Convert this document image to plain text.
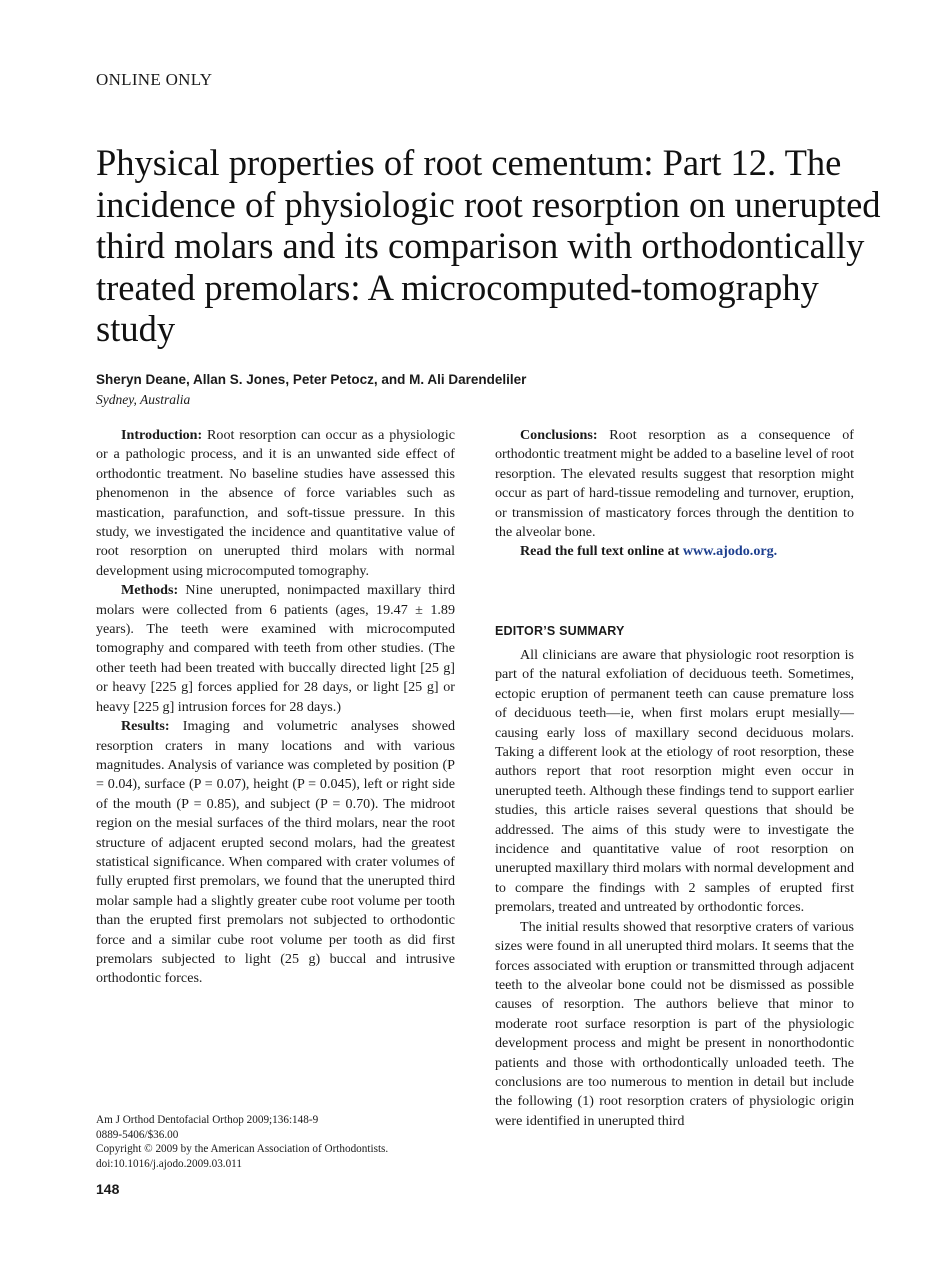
ONLINE ONLY
Physical properties of root cementum: Part 12. The incidence of physiologic root resorption on unerupted third molars and its comparison with orthodontically treated premolars: A microcomputed-tomography study
Sheryn Deane, Allan S. Jones, Peter Petocz, and M. Ali Darendeliler
Sydney, Australia

Introduction: Root resorption can occur as a physiologic or a pathologic process, and it is an unwanted side effect of orthodontic treatment. No baseline studies have assessed this phenomenon in the absence of force variables such as mastication, parafunction, and soft-tissue pressure. In this study, we investigated the incidence and quantitative value of root resorption on unerupted third molars with normal development using microcomputed tomography.

Methods: Nine unerupted, nonimpacted maxillary third molars were collected from 6 patients (ages, 19.47 ± 1.89 years). The teeth were examined with microcomputed tomography and compared with teeth from other studies. (The other teeth had been treated with buccally directed light [25 g] or heavy [225 g] forces applied for 28 days, or light [25 g] or heavy [225 g] intrusion forces for 28 days.)

Results: Imaging and volumetric analyses showed resorption craters in many locations and with various magnitudes. Analysis of variance was completed by position (P = 0.04), surface (P = 0.07), height (P = 0.045), left or right side of the mouth (P = 0.85), and subject (P = 0.70). The midroot region on the mesial surfaces of the third molars, near the root structure of adjacent erupted second molars, had the greatest statistical significance. When compared with crater volumes of fully erupted first premolars, we found that the unerupted third molar sample had a slightly greater cube root volume per tooth than the erupted first premolars not subjected to orthodontic force and a similar cube root volume per tooth as did first premolars subjected to light (25 g) buccal and intrusive orthodontic forces.

Conclusions: Root resorption as a consequence of orthodontic treatment might be added to a baseline level of root resorption. The elevated results suggest that resorption might occur as part of hard-tissue remodeling and turnover, eruption, or transmission of masticatory forces through the dentition to the alveolar bone.

Read the full text online at www.ajodo.org.

EDITOR’S SUMMARY

All clinicians are aware that physiologic root resorption is part of the natural exfoliation of deciduous teeth. Sometimes, ectopic eruption of permanent teeth can cause premature loss of deciduous teeth—ie, when first molars erupt mesially—causing early loss of maxillary second deciduous molars. Taking a different look at the etiology of root resorption, these authors report that root resorption might even occur in unerupted teeth. Although these findings tend to support earlier studies, this article raises several questions that should be addressed. The aims of this study were to investigate the incidence and quantitative value of root resorption on unerupted maxillary third molars with normal development and to compare the findings with 2 samples of erupted first premolars, treated and untreated by orthodontic forces.

The initial results showed that resorptive craters of various sizes were found in all unerupted third molars. It seems that the forces associated with eruption or transmitted through adjacent teeth to the alveolar bone could not be dismissed as possible causes of resorption. The authors believe that minor to moderate root surface resorption is part of the physiologic development process and might be present in nonorthodontic patients and those with orthodontically unloaded teeth. The conclusions are too numerous to mention in detail but include the following (1) root resorption craters of physiologic origin were identified in unerupted third

Am J Orthod Dentofacial Orthop 2009;136:148-9
0889-5406/$36.00
Copyright © 2009 by the American Association of Orthodontists.
doi:10.1016/j.ajodo.2009.03.011
148
